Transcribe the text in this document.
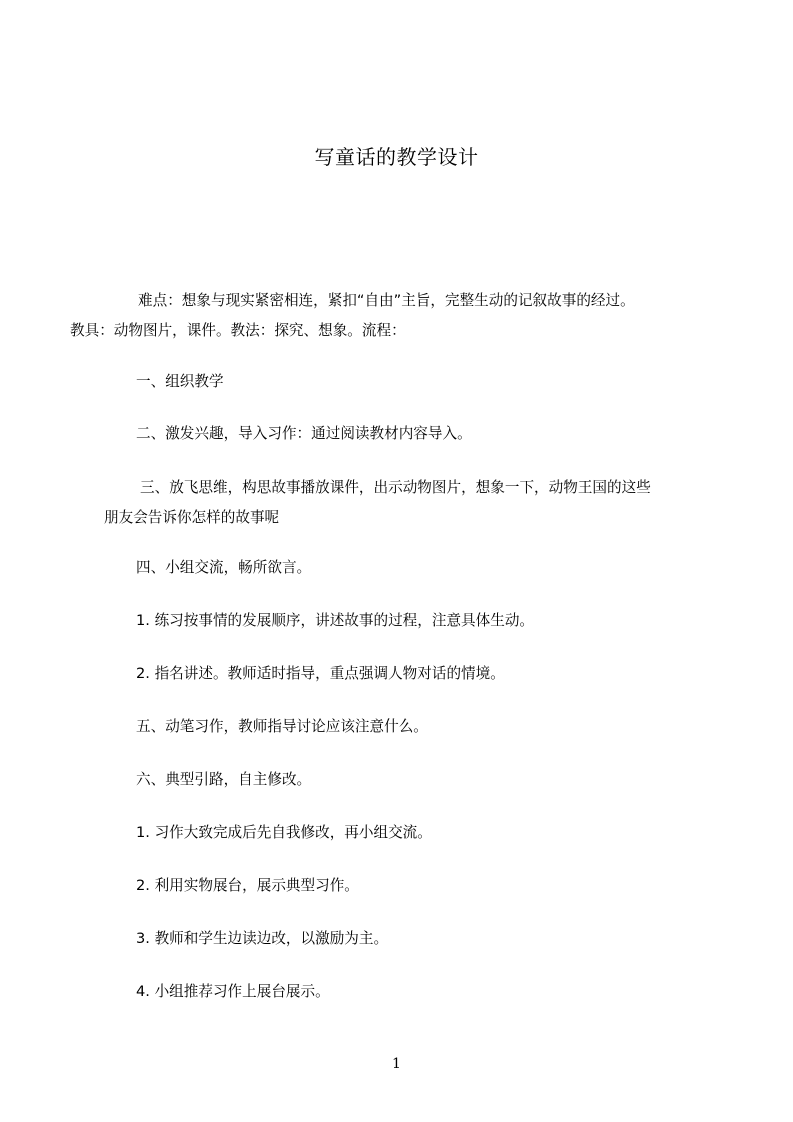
写童话的教学设计
难点：想象与现实紧密相连，紧扣“自由”主旨，完整生动的记叙故事的经过。
教具：动物图片，课件。教法：探究、想象。流程：
一、组织教学
二、激发兴趣，导入习作：通过阅读教材内容导入。
三、放飞思维，构思故事播放课件，出示动物图片，想象一下，动物王国的这些
朋友会告诉你怎样的故事呢
四、小组交流，畅所欲言。
1. 练习按事情的发展顺序，讲述故事的过程，注意具体生动。
2. 指名讲述。教师适时指导，重点强调人物对话的情境。
五、动笔习作，教师指导讨论应该注意什么。
六、典型引路，自主修改。
1. 习作大致完成后先自我修改，再小组交流。
2. 利用实物展台，展示典型习作。
3. 教师和学生边读边改，以激励为主。
4. 小组推荐习作上展台展示。
1
